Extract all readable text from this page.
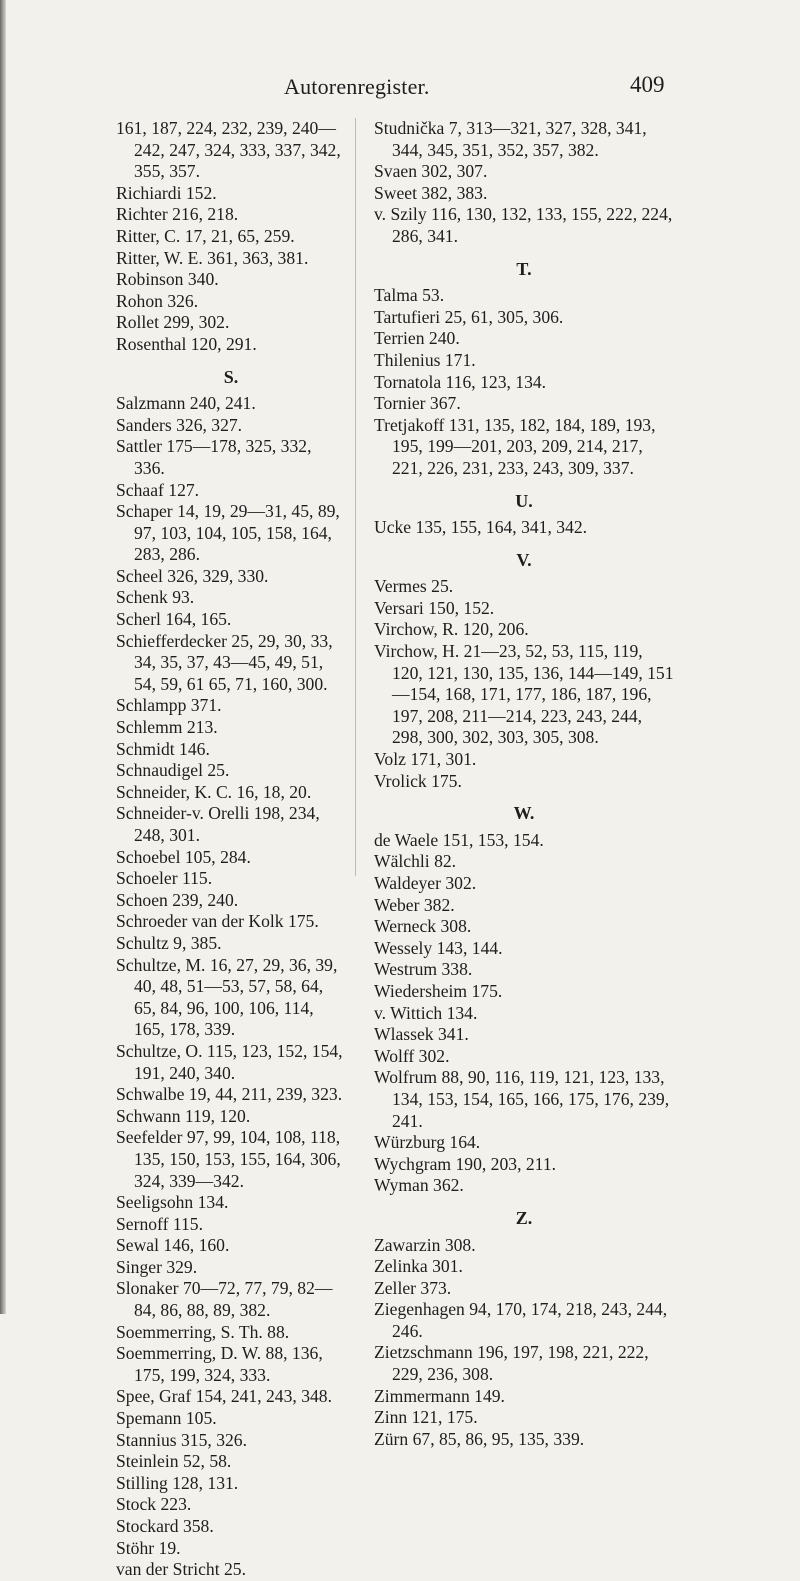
Autorenregister.	409

161, 187, 224, 232, 239, 240—242, 247, 324, 333, 337, 342, 355, 357.

Richiardi 152.

Richter 216, 218.

Ritter, C. 17, 21, 65, 259.

Ritter, W. E. 361, 363, 381.

Robinson 340.

Rohon 326.

Rollet 299, 302.

Rosenthal 120, 291.

S.

Salzmann 240, 241.

Sanders 326, 327.

Sattler 175—178, 325, 332, 336.

Schaaf 127.

Schaper 14, 19, 29—31, 45, 89, 97, 103, 104, 105, 158, 164, 283, 286.

Scheel 326, 329, 330.

Schenk 93.

Scherl 164, 165.

Schiefferdecker 25, 29, 30, 33, 34, 35, 37, 43—45, 49, 51, 54, 59, 61 65, 71, 160, 300.

Schlampp 371.

Schlemm 213.

Schmidt 146.

Schnaudigel 25.

Schneider, K. C. 16, 18, 20.

Schneider-v. Orelli 198, 234, 248, 301.

Schoebel 105, 284.

Schoeler 115.

Schoen 239, 240.

Schroeder van der Kolk 175.

Schultz 9, 385.

Schultze, M. 16, 27, 29, 36, 39, 40, 48, 51—53, 57, 58, 64, 65, 84, 96, 100, 106, 114, 165, 178, 339.

Schultze, O. 115, 123, 152, 154, 191, 240, 340.

Schwalbe 19, 44, 211, 239, 323.

Schwann 119, 120.

Seefelder 97, 99, 104, 108, 118, 135, 150, 153, 155, 164, 306, 324, 339—342.

Seeligsohn 134.

Sernoff 115.

Sewal 146, 160.

Singer 329.

Slonaker 70—72, 77, 79, 82—84, 86, 88, 89, 382.

Soemmerring, S. Th. 88.

Soemmerring, D. W. 88, 136, 175, 199, 324, 333.

Spee, Graf 154, 241, 243, 348.

Spemann 105.

Stannius 315, 326.

Steinlein 52, 58.

Stilling 128, 131.

Stock 223.

Stockard 358.

Stöhr 19.

van der Stricht 25.

Studnička 7, 313—321, 327, 328, 341, 344, 345, 351, 352, 357, 382.

Svaen 302, 307.

Sweet 382, 383.

v. Szily 116, 130, 132, 133, 155, 222, 224, 286, 341.

T.

Talma 53.

Tartufieri 25, 61, 305, 306.

Terrien 240.

Thilenius 171.

Tornatola 116, 123, 134.

Tornier 367.

Tretjakoff 131, 135, 182, 184, 189, 193, 195, 199—201, 203, 209, 214, 217, 221, 226, 231, 233, 243, 309, 337.

U.

Ucke 135, 155, 164, 341, 342.

V.

Vermes 25.

Versari 150, 152.

Virchow, R. 120, 206.

Virchow, H. 21—23, 52, 53, 115, 119, 120, 121, 130, 135, 136, 144—149, 151—154, 168, 171, 177, 186, 187, 196, 197, 208, 211—214, 223, 243, 244, 298, 300, 302, 303, 305, 308.

Volz 171, 301.

Vrolick 175.

W.

de Waele 151, 153, 154.

Wälchli 82.

Waldeyer 302.

Weber 382.

Werneck 308.

Wessely 143, 144.

Westrum 338.

Wiedersheim 175.

v. Wittich 134.

Wlassek 341.

Wolff 302.

Wolfrum 88, 90, 116, 119, 121, 123, 133, 134, 153, 154, 165, 166, 175, 176, 239, 241.

Würzburg 164.

Wychgram 190, 203, 211.

Wyman 362.

Z.

Zawarzin 308.

Zelinka 301.

Zeller 373.

Ziegenhagen 94, 170, 174, 218, 243, 244, 246.

Zietzschmann 196, 197, 198, 221, 222, 229, 236, 308.

Zimmermann 149.

Zinn 121, 175.

Zürn 67, 85, 86, 95, 135, 339.
